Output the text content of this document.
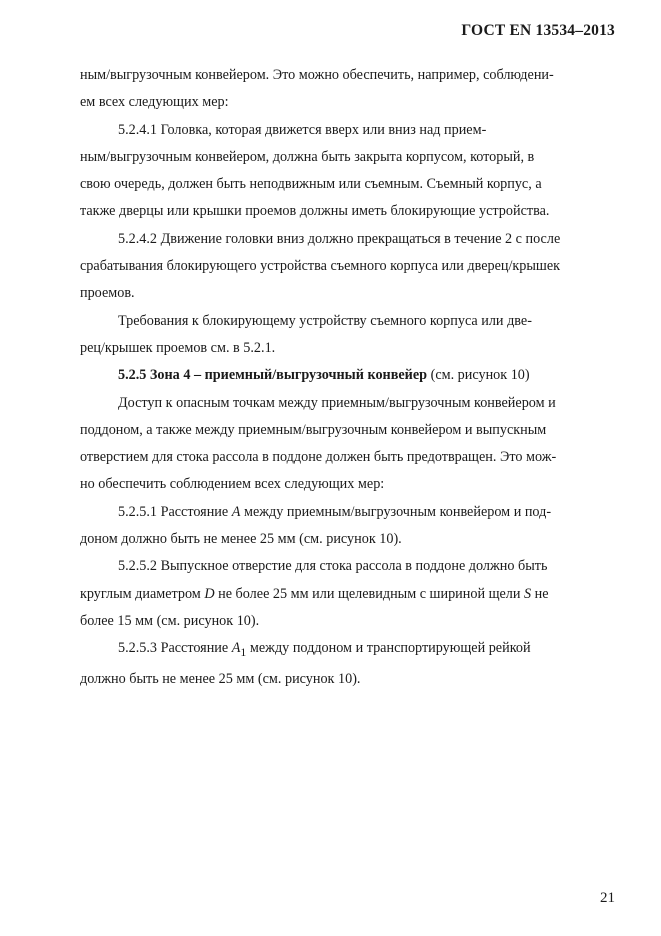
ГОСТ EN 13534–2013

ным/выгрузочным конвейером. Это можно обеспечить, например, соблюдени-
ем всех следующих мер:

5.2.4.1 Головка, которая движется вверх или вниз над прием-
ным/выгрузочным конвейером, должна быть закрыта корпусом, который, в
свою очередь, должен быть неподвижным или съемным. Съемный корпус, а
также дверцы или крышки проемов должны иметь блокирующие устройства.

5.2.4.2 Движение головки вниз должно прекращаться в течение 2 с после
срабатывания блокирующего устройства съемного корпуса или дверец/крышек
проемов.

Требования к блокирующему устройству съемного корпуса или две-
рец/крышек проемов см. в 5.2.1.

5.2.5 Зона 4 – приемный/выгрузочный конвейер (см. рисунок 10)

Доступ к опасным точкам между приемным/выгрузочным конвейером и
поддоном, а также между приемным/выгрузочным конвейером и выпускным
отверстием для стока рассола в поддоне должен быть предотвращен. Это мож-
но обеспечить соблюдением всех следующих мер:

5.2.5.1 Расстояние A между приемным/выгрузочным конвейером и под-
доном должно быть не менее 25 мм (см. рисунок 10).

5.2.5.2 Выпускное отверстие для стока рассола в поддоне должно быть
круглым диаметром D не более 25 мм или щелевидным с шириной щели S не
более 15 мм (см. рисунок 10).

5.2.5.3 Расстояние $A_1$ между поддоном и транспортирующей рейкой
должно быть не менее 25 мм (см. рисунок 10).

21
